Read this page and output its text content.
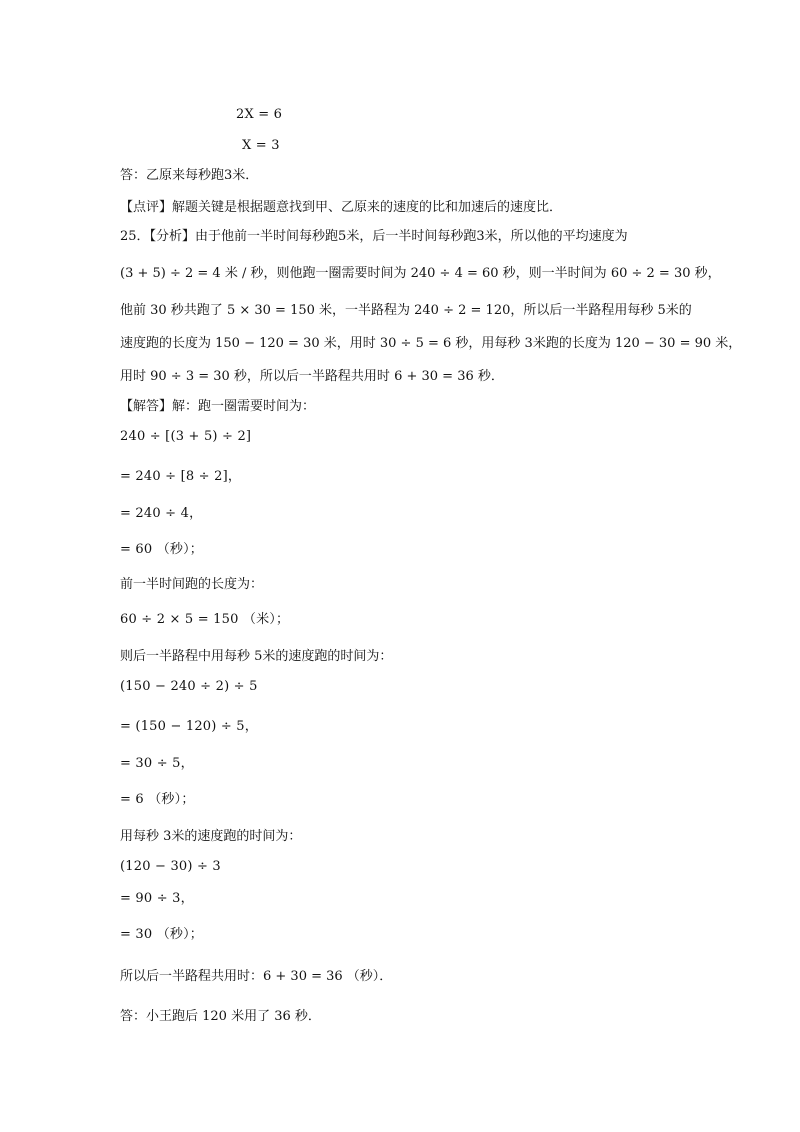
2X = 6
X = 3
答：乙原来每秒跑3米．
【点评】解题关键是根据题意找到甲、乙原来的速度的比和加速后的速度比．
25．【分析】由于他前一半时间每秒跑5米，后一半时间每秒跑3米，所以他的平均速度为
(3 + 5) ÷ 2 = 4 米 / 秒，则他跑一圈需要时间为 240 ÷ 4 = 60 秒，则一半时间为 60 ÷ 2 = 30 秒，
他前 30 秒共跑了 5 × 30 = 150 米，一半路程为 240 ÷ 2 = 120，所以后一半路程用每秒 5米的
速度跑的长度为 150 − 120 = 30 米，用时 30 ÷ 5 = 6 秒，用每秒 3米跑的长度为 120 − 30 = 90 米，
用时 90 ÷ 3 = 30 秒，所以后一半路程共用时 6 + 30 = 36 秒．
【解答】解：跑一圈需要时间为：
240 ÷ [(3 + 5) ÷ 2]
= 240 ÷ [8 ÷ 2]，
= 240 ÷ 4，
= 60 （秒）；
前一半时间跑的长度为：
60 ÷ 2 × 5 = 150 （米）；
则后一半路程中用每秒 5米的速度跑的时间为：
(150 − 240 ÷ 2) ÷ 5
= (150 − 120) ÷ 5，
= 30 ÷ 5，
= 6 （秒）；
用每秒 3米的速度跑的时间为：
(120 − 30) ÷ 3
= 90 ÷ 3，
= 30 （秒）；
所以后一半路程共用时：6 + 30 = 36 （秒）．
答：小王跑后 120 米用了 36 秒．
